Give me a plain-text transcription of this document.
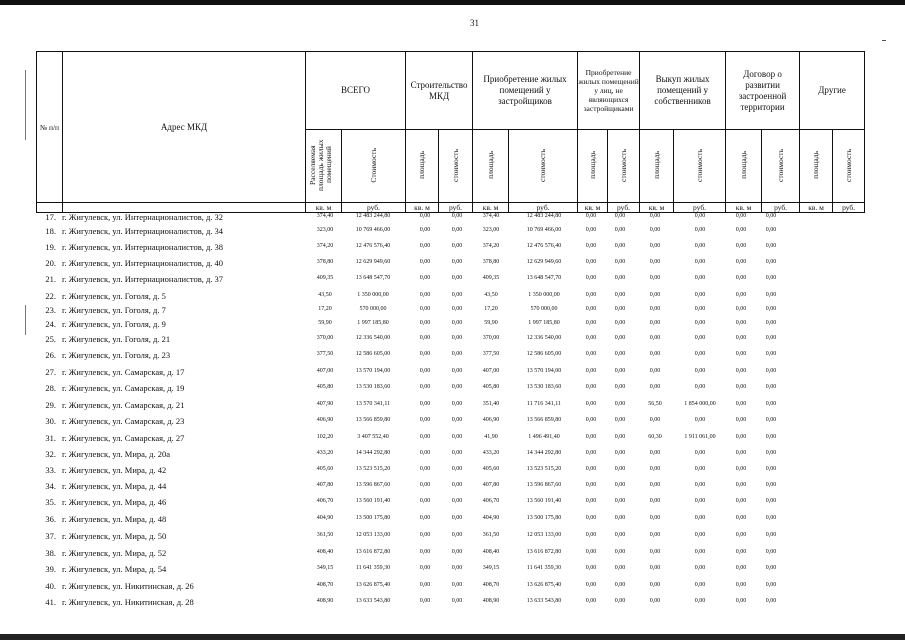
31
№ п/п	Адрес МКД	ВСЕГО		Строительство МКД		Приобретение жилых помещений у застройщиков		Приобретение жилых помещений у лиц, не являющихся застройщиками		Выкуп жилых помещений у собственников		Договор о развитии застроенной территории		Другие	
		Расселяемая площадь жилых помещений	Стоимость	площадь	стоимость	площадь	стоимость	площадь	стоимость	площадь	стоимость	площадь	стоимость	площадь	стоимость
		кв. м	руб.	кв. м	руб.	кв. м	руб.	кв. м	руб.	кв. м	руб.	кв. м	руб.	кв. м	руб.
17. г. Жигулевск, ул. Интернационалистов, д. 32	374,40	12 483 244,80	0,00	0,00	374,40	12 483 244,80	0,00	0,00	0,00	0,00	0,00	0,00
18. г. Жигулевск, ул. Интернационалистов, д. 34	323,00	10 769 466,00	0,00	0,00	323,00	10 769 466,00	0,00	0,00	0,00	0,00	0,00	0,00
19. г. Жигулевск, ул. Интернационалистов, д. 38	374,20	12 476 576,40	0,00	0,00	374,20	12 476 576,40	0,00	0,00	0,00	0,00	0,00	0,00
20. г. Жигулевск, ул. Интернационалистов, д. 40	378,80	12 629 949,60	0,00	0,00	378,80	12 629 949,60	0,00	0,00	0,00	0,00	0,00	0,00
21. г. Жигулевск, ул. Интернационалистов, д. 37	409,35	13 648 547,70	0,00	0,00	409,35	13 648 547,70	0,00	0,00	0,00	0,00	0,00	0,00
22. г. Жигулевск, ул. Гоголя, д. 5	43,50	1 350 000,00	0,00	0,00	43,50	1 350 000,00	0,00	0,00	0,00	0,00	0,00	0,00
23. г. Жигулевск, ул. Гоголя, д. 7	17,20	570 000,00	0,00	0,00	17,20	570 000,00	0,00	0,00	0,00	0,00	0,00	0,00
24. г. Жигулевск, ул. Гоголя, д. 9	59,90	1 997 185,80	0,00	0,00	59,90	1 997 185,80	0,00	0,00	0,00	0,00	0,00	0,00
25. г. Жигулевск, ул. Гоголя, д. 21	370,00	12 336 540,00	0,00	0,00	370,00	12 336 540,00	0,00	0,00	0,00	0,00	0,00	0,00
26. г. Жигулевск, ул. Гоголя, д. 23	377,50	12 586 605,00	0,00	0,00	377,50	12 586 605,00	0,00	0,00	0,00	0,00	0,00	0,00
27. г. Жигулевск, ул. Самарская, д. 17	407,00	13 570 194,00	0,00	0,00	407,00	13 570 194,00	0,00	0,00	0,00	0,00	0,00	0,00
28. г. Жигулевск, ул. Самарская, д. 19	405,80	13 530 183,60	0,00	0,00	405,80	13 530 183,60	0,00	0,00	0,00	0,00	0,00	0,00
29. г. Жигулевск, ул. Самарская, д. 21	407,90	13 570 341,11	0,00	0,00	351,40	11 716 341,11	0,00	0,00	56,50	1 854 000,00	0,00	0,00
30. г. Жигулевск, ул. Самарская, д. 23	406,90	13 566 859,80	0,00	0,00	406,90	13 566 859,80	0,00	0,00	0,00	0,00	0,00	0,00
31. г. Жигулевск, ул. Самарская, д. 27	102,20	3 407 552,40	0,00	0,00	41,90	1 496 491,40	0,00	0,00	60,30	1 911 061,00	0,00	0,00
32. г. Жигулевск, ул. Мира, д. 20а	433,20	14 344 292,80	0,00	0,00	433,20	14 344 292,80	0,00	0,00	0,00	0,00	0,00	0,00
33. г. Жигулевск, ул. Мира, д. 42	405,60	13 523 515,20	0,00	0,00	405,60	13 523 515,20	0,00	0,00	0,00	0,00	0,00	0,00
34. г. Жигулевск, ул. Мира, д. 44	407,80	13 596 867,60	0,00	0,00	407,80	13 596 867,60	0,00	0,00	0,00	0,00	0,00	0,00
35. г. Жигулевск, ул. Мира, д. 46	406,70	13 560 191,40	0,00	0,00	406,70	13 560 191,40	0,00	0,00	0,00	0,00	0,00	0,00
36. г. Жигулевск, ул. Мира, д. 48	404,90	13 500 175,80	0,00	0,00	404,90	13 500 175,80	0,00	0,00	0,00	0,00	0,00	0,00
37. г. Жигулевск, ул. Мира, д. 50	361,50	12 053 133,00	0,00	0,00	361,50	12 053 133,00	0,00	0,00	0,00	0,00	0,00	0,00
38. г. Жигулевск, ул. Мира, д. 52	408,40	13 616 872,80	0,00	0,00	408,40	13 616 872,80	0,00	0,00	0,00	0,00	0,00	0,00
39. г. Жигулевск, ул. Мира, д. 54	349,15	11 641 359,30	0,00	0,00	349,15	11 641 359,30	0,00	0,00	0,00	0,00	0,00	0,00
40. г. Жигулевск, ул. Никитинская, д. 26	408,70	13 626 875,40	0,00	0,00	408,70	13 626 875,40	0,00	0,00	0,00	0,00	0,00	0,00
41. г. Жигулевск, ул. Никитинская, д. 28	408,90	13 633 543,80	0,00	0,00	408,90	13 633 543,80	0,00	0,00	0,00	0,00	0,00	0,00
